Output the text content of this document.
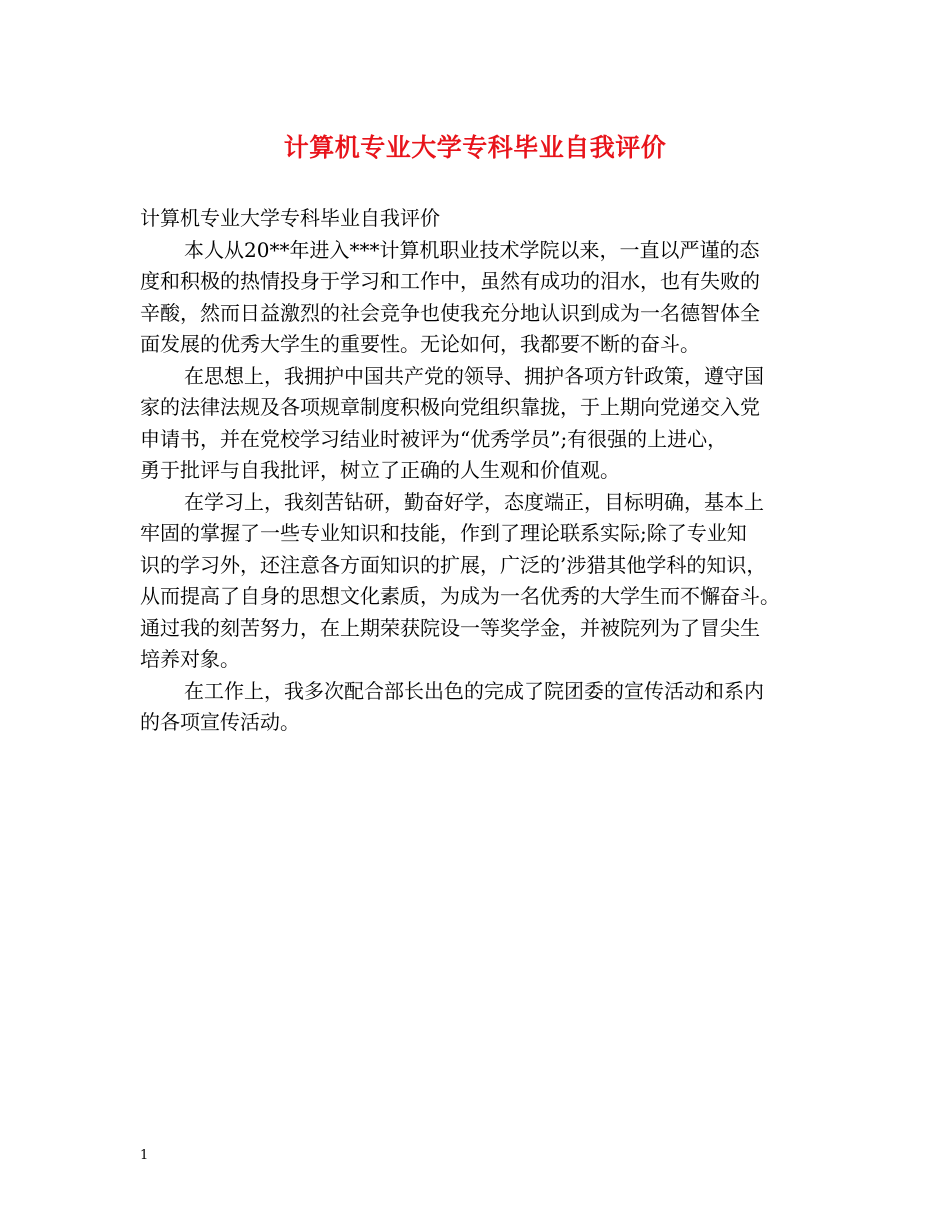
计算机专业大学专科毕业自我评价

计算机专业大学专科毕业自我评价

本人从20**年进入***计算机职业技术学院以来，一直以严谨的态
度和积极的热情投身于学习和工作中，虽然有成功的泪水，也有失败的
辛酸，然而日益激烈的社会竞争也使我充分地认识到成为一名德智体全
面发展的优秀大学生的重要性。无论如何，我都要不断的奋斗。

在思想上，我拥护中国共产党的领导、拥护各项方针政策，遵守国
家的法律法规及各项规章制度积极向党组织靠拢，于上期向党递交入党
申请书，并在党校学习结业时被评为“优秀学员”;有很强的上进心，
勇于批评与自我批评，树立了正确的人生观和价值观。

在学习上，我刻苦钻研，勤奋好学，态度端正，目标明确，基本上
牢固的掌握了一些专业知识和技能，作到了理论联系实际;除了专业知
识的学习外，还注意各方面知识的扩展，广泛的’涉猎其他学科的知识，
从而提高了自身的思想文化素质，为成为一名优秀的大学生而不懈奋斗。
通过我的刻苦努力，在上期荣获院设一等奖学金，并被院列为了冒尖生
培养对象。

在工作上，我多次配合部长出色的完成了院团委的宣传活动和系内
的各项宣传活动。

1
